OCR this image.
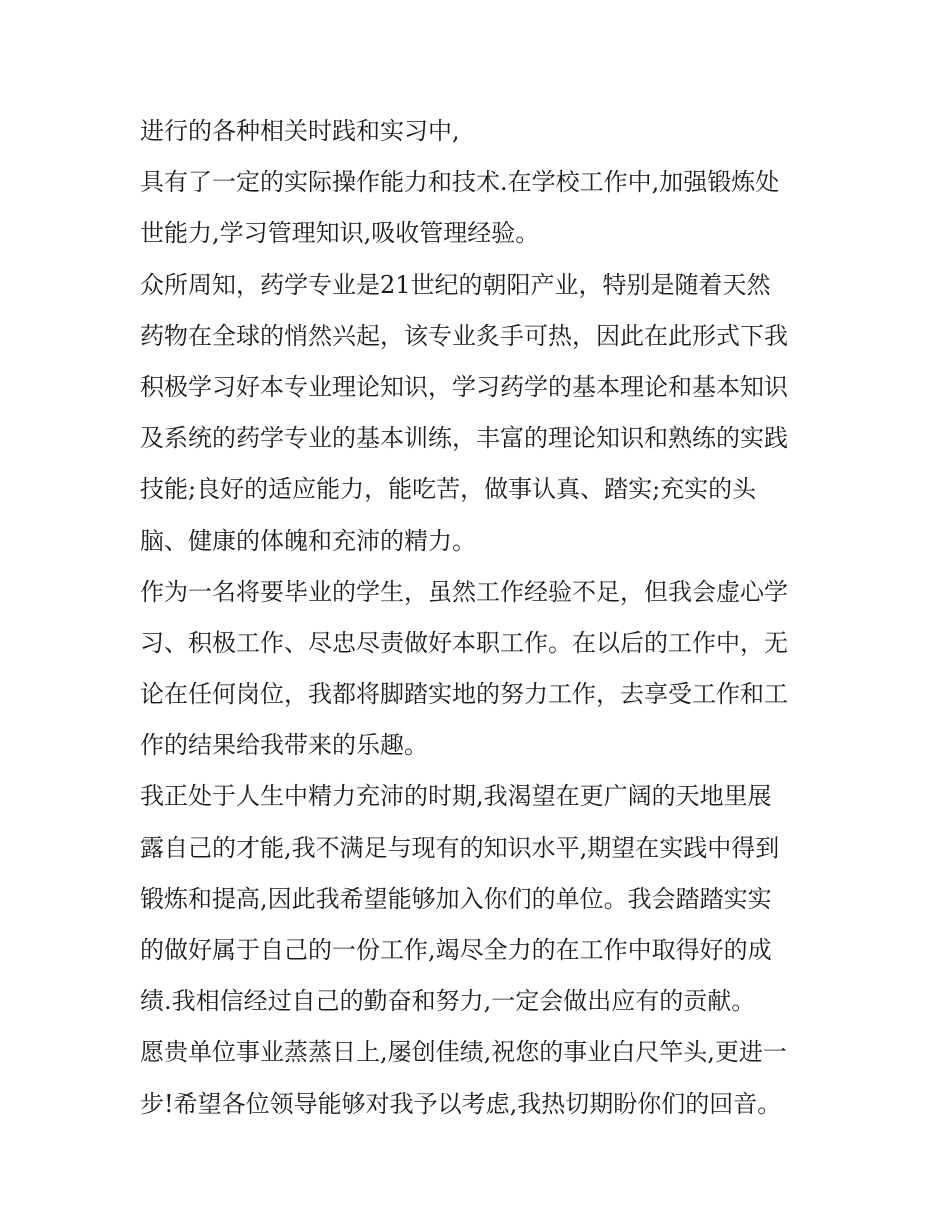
进行的各种相关时践和实习中,
具有了一定的实际操作能力和技术.在学校工作中,加强锻炼处
世能力,学习管理知识,吸收管理经验。
众所周知，药学专业是21世纪的朝阳产业，特别是随着天然
药物在全球的悄然兴起，该专业炙手可热，因此在此形式下我
积极学习好本专业理论知识，学习药学的基本理论和基本知识
及系统的药学专业的基本训练，丰富的理论知识和熟练的实践
技能;良好的适应能力，能吃苦，做事认真、踏实;充实的头
脑、健康的体魄和充沛的精力。
作为一名将要毕业的学生，虽然工作经验不足，但我会虚心学
习、积极工作、尽忠尽责做好本职工作。在以后的工作中，无
论在任何岗位，我都将脚踏实地的努力工作，去享受工作和工
作的结果给我带来的乐趣。
我正处于人生中精力充沛的时期,我渴望在更广阔的天地里展
露自己的才能,我不满足与现有的知识水平,期望在实践中得到
锻炼和提高,因此我希望能够加入你们的单位。我会踏踏实实
的做好属于自己的一份工作,竭尽全力的在工作中取得好的成
绩.我相信经过自己的勤奋和努力,一定会做出应有的贡献。
愿贵单位事业蒸蒸日上,屡创佳绩,祝您的事业白尺竿头,更进一
步!希望各位领导能够对我予以考虑,我热切期盼你们的回音。
